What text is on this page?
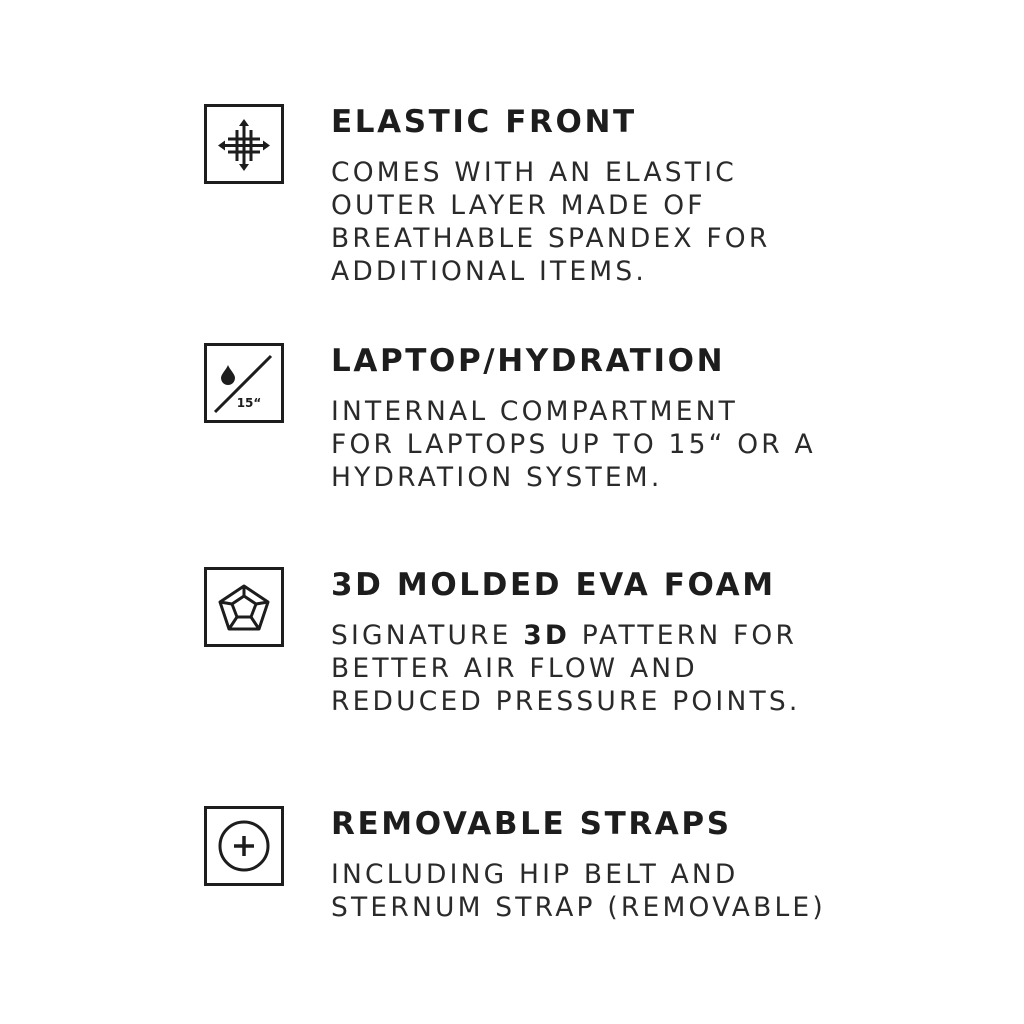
ELASTIC FRONT
COMES WITH AN ELASTIC
OUTER LAYER MADE OF
BREATHABLE SPANDEX FOR
ADDITIONAL ITEMS.
15“
LAPTOP/HYDRATION
INTERNAL COMPARTMENT
FOR LAPTOPS UP TO 15“ OR A
HYDRATION SYSTEM.
3D MOLDED EVA FOAM
SIGNATURE 3D PATTERN FOR
BETTER AIR FLOW AND
REDUCED PRESSURE POINTS.
REMOVABLE STRAPS
INCLUDING HIP BELT AND
STERNUM STRAP (REMOVABLE)
